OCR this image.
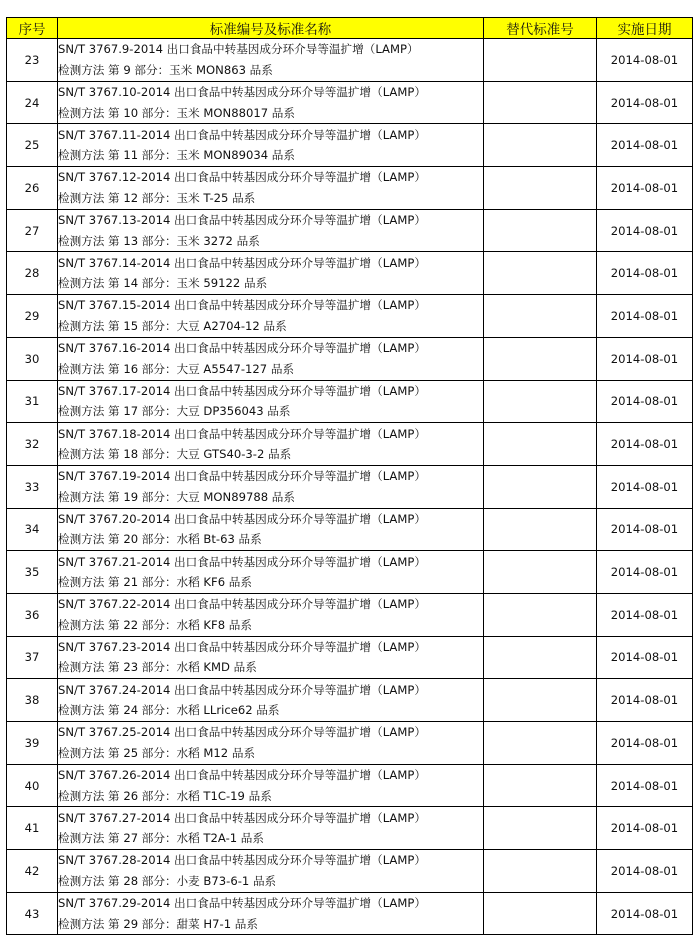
序号	标准编号及标准名称	替代标准号	实施日期
23	SN/T 3767.9-2014 出口食品中转基因成分环介导等温扩增（LAMP）
检测方法 第 9 部分：玉米 MON863 品系		2014-08-01
24	SN/T 3767.10-2014 出口食品中转基因成分环介导等温扩增（LAMP）
检测方法 第 10 部分：玉米 MON88017 品系		2014-08-01
25	SN/T 3767.11-2014 出口食品中转基因成分环介导等温扩增（LAMP）
检测方法 第 11 部分：玉米 MON89034 品系		2014-08-01
26	SN/T 3767.12-2014 出口食品中转基因成分环介导等温扩增（LAMP）
检测方法 第 12 部分：玉米 T-25 品系		2014-08-01
27	SN/T 3767.13-2014 出口食品中转基因成分环介导等温扩增（LAMP）
检测方法 第 13 部分：玉米 3272 品系		2014-08-01
28	SN/T 3767.14-2014 出口食品中转基因成分环介导等温扩增（LAMP）
检测方法 第 14 部分：玉米 59122 品系		2014-08-01
29	SN/T 3767.15-2014 出口食品中转基因成分环介导等温扩增（LAMP）
检测方法 第 15 部分：大豆 A2704-12 品系		2014-08-01
30	SN/T 3767.16-2014 出口食品中转基因成分环介导等温扩增（LAMP）
检测方法 第 16 部分：大豆 A5547-127 品系		2014-08-01
31	SN/T 3767.17-2014 出口食品中转基因成分环介导等温扩增（LAMP）
检测方法 第 17 部分：大豆 DP356043 品系		2014-08-01
32	SN/T 3767.18-2014 出口食品中转基因成分环介导等温扩增（LAMP）
检测方法 第 18 部分：大豆 GTS40-3-2 品系		2014-08-01
33	SN/T 3767.19-2014 出口食品中转基因成分环介导等温扩增（LAMP）
检测方法 第 19 部分：大豆 MON89788 品系		2014-08-01
34	SN/T 3767.20-2014 出口食品中转基因成分环介导等温扩增（LAMP）
检测方法 第 20 部分：水稻 Bt-63 品系		2014-08-01
35	SN/T 3767.21-2014 出口食品中转基因成分环介导等温扩增（LAMP）
检测方法 第 21 部分：水稻 KF6 品系		2014-08-01
36	SN/T 3767.22-2014 出口食品中转基因成分环介导等温扩增（LAMP）
检测方法 第 22 部分：水稻 KF8 品系		2014-08-01
37	SN/T 3767.23-2014 出口食品中转基因成分环介导等温扩增（LAMP）
检测方法 第 23 部分：水稻 KMD 品系		2014-08-01
38	SN/T 3767.24-2014 出口食品中转基因成分环介导等温扩增（LAMP）
检测方法 第 24 部分：水稻 LLrice62 品系		2014-08-01
39	SN/T 3767.25-2014 出口食品中转基因成分环介导等温扩增（LAMP）
检测方法 第 25 部分：水稻 M12 品系		2014-08-01
40	SN/T 3767.26-2014 出口食品中转基因成分环介导等温扩增（LAMP）
检测方法 第 26 部分：水稻 T1C-19 品系		2014-08-01
41	SN/T 3767.27-2014 出口食品中转基因成分环介导等温扩增（LAMP）
检测方法 第 27 部分：水稻 T2A-1 品系		2014-08-01
42	SN/T 3767.28-2014 出口食品中转基因成分环介导等温扩增（LAMP）
检测方法 第 28 部分：小麦 B73-6-1 品系		2014-08-01
43	SN/T 3767.29-2014 出口食品中转基因成分环介导等温扩增（LAMP）
检测方法 第 29 部分：甜菜 H7-1 品系		2014-08-01
